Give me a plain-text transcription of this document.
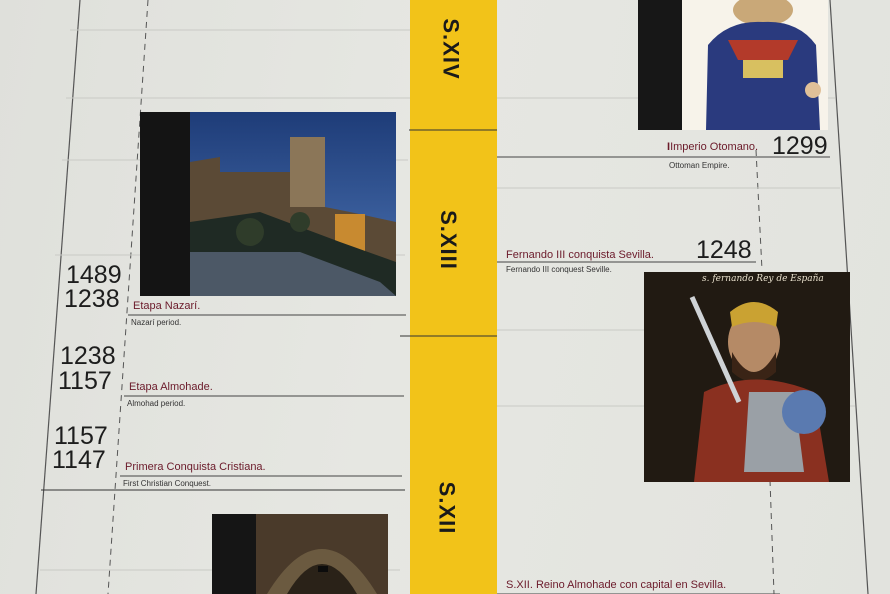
S.XIV
S.XIII
S.XII
s. fernando Rey de España
IImperio Otomano. 1299
Ottoman Empire.
Fernando III conquista Sevilla. 1248
Fernando III conquest Seville.
S.XII. Reino Almohade con capital en Sevilla.
1489
1238 Etapa Nazarí.
Nazarí period.
1238
1157 Etapa Almohade.
Almohad period.
1157
1147 Primera Conquista Cristiana.
First Christian Conquest.
